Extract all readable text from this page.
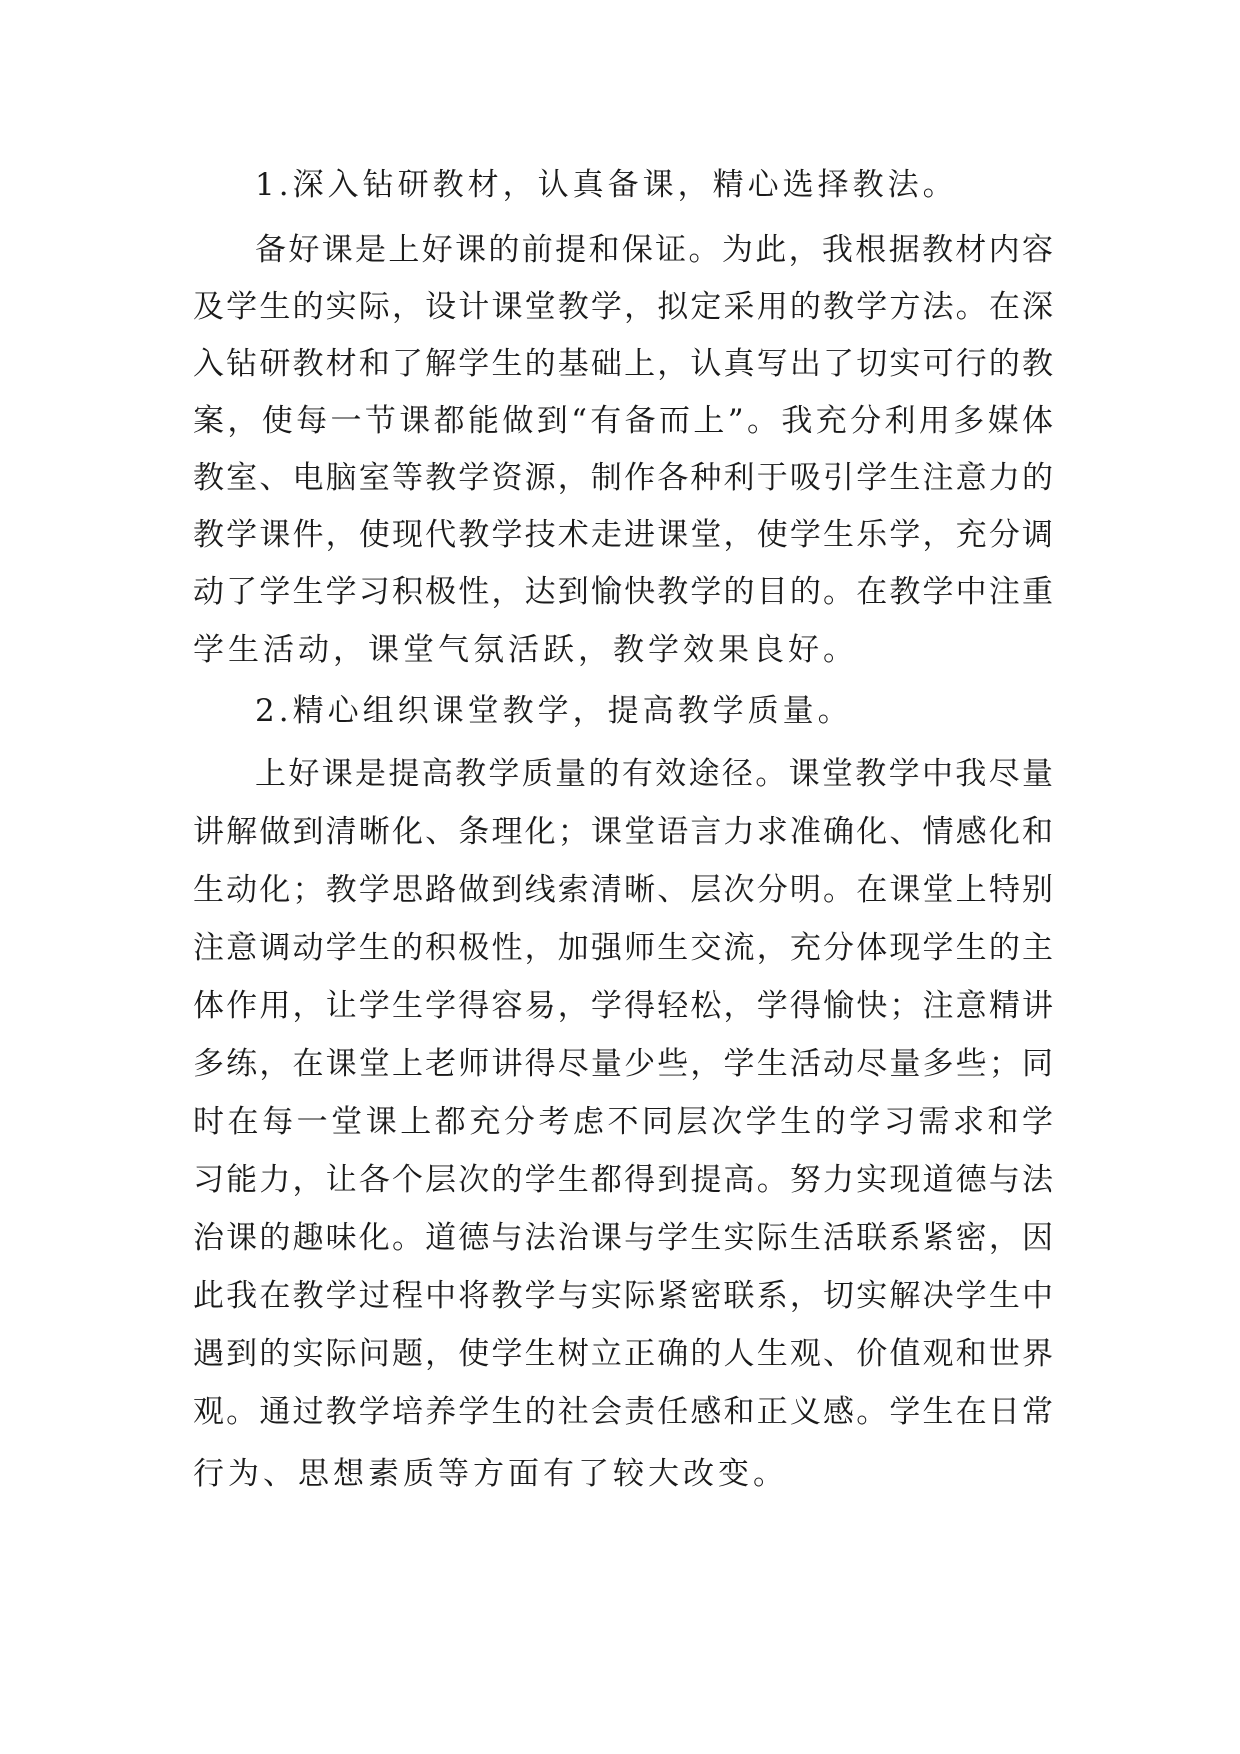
1.深入钻研教材，认真备课，精心选择教法。
备好课是上好课的前提和保证。为此，我根据教材内容
及学生的实际，设计课堂教学，拟定采用的教学方法。在深
入钻研教材和了解学生的基础上，认真写出了切实可行的教
案，使每一节课都能做到“有备而上”。我充分利用多媒体
教室、电脑室等教学资源，制作各种利于吸引学生注意力的
教学课件，使现代教学技术走进课堂，使学生乐学，充分调
动了学生学习积极性，达到愉快教学的目的。在教学中注重
学生活动，课堂气氛活跃，教学效果良好。
2.精心组织课堂教学，提高教学质量。
上好课是提高教学质量的有效途径。课堂教学中我尽量
讲解做到清晰化、条理化；课堂语言力求准确化、情感化和
生动化；教学思路做到线索清晰、层次分明。在课堂上特别
注意调动学生的积极性，加强师生交流，充分体现学生的主
体作用，让学生学得容易，学得轻松，学得愉快；注意精讲
多练，在课堂上老师讲得尽量少些，学生活动尽量多些；同
时在每一堂课上都充分考虑不同层次学生的学习需求和学
习能力，让各个层次的学生都得到提高。努力实现道德与法
治课的趣味化。道德与法治课与学生实际生活联系紧密，因
此我在教学过程中将教学与实际紧密联系，切实解决学生中
遇到的实际问题，使学生树立正确的人生观、价值观和世界
观。通过教学培养学生的社会责任感和正义感。学生在日常
行为、思想素质等方面有了较大改变。
